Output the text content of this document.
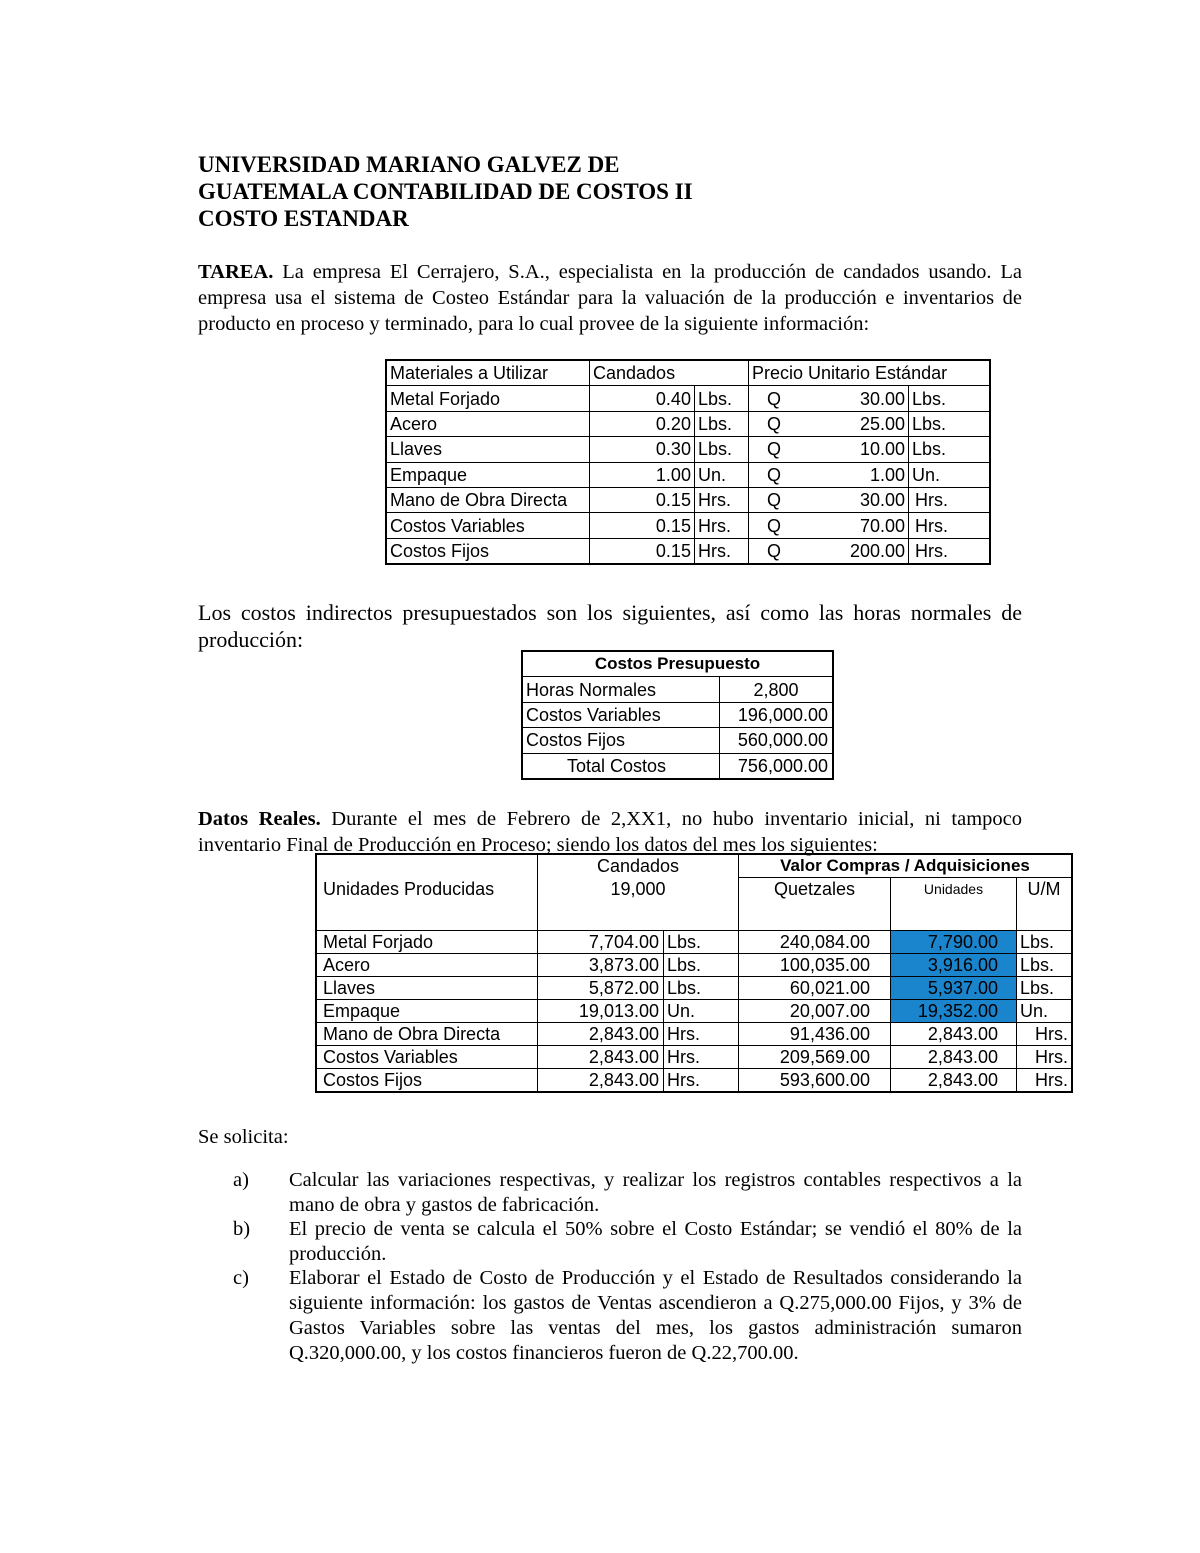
UNIVERSIDAD MARIANO GALVEZ DE
GUATEMALA CONTABILIDAD DE COSTOS II
COSTO ESTANDAR
TAREA. La empresa El Cerrajero, S.A., especialista en la producción de candados usando. La
empresa usa el sistema de Costeo Estándar para la valuación de la producción e inventarios de
producto en proceso y terminado, para lo cual provee de la siguiente información:
Materiales a Utilizar	Candados		Precio Unitario Estándar		
Metal Forjado	0.40	Lbs.	Q	30.00	Lbs.
Acero	0.20	Lbs.	Q	25.00	Lbs.
Llaves	0.30	Lbs.	Q	10.00	Lbs.
Empaque	1.00	Un.	Q	1.00	Un.
Mano de Obra Directa	0.15	Hrs.	Q	30.00	Hrs.
Costos Variables	0.15	Hrs.	Q	70.00	Hrs.
Costos Fijos	0.15	Hrs.	Q	200.00	Hrs.
Los costos indirectos presupuestados son los siguientes, así como las horas normales de
producción:
Costos Presupuesto	
Horas Normales	2,800
Costos Variables	196,000.00
Costos Fijos	560,000.00
Total Costos	756,000.00
Datos Reales. Durante el mes de Febrero de 2,XX1, no hubo inventario inicial, ni tampoco
inventario Final de Producción en Proceso; siendo los datos del mes los siguientes:
	Candados		Valor Compras / Adquisiciones		
Unidades Producidas	19,000		Quetzales	Unidades	U/M
Metal Forjado	7,704.00	Lbs.	240,084.00	7,790.00	Lbs.
Acero	3,873.00	Lbs.	100,035.00	3,916.00	Lbs.
Llaves	5,872.00	Lbs.	60,021.00	5,937.00	Lbs.
Empaque	19,013.00	Un.	20,007.00	19,352.00	Un.
Mano de Obra Directa	2,843.00	Hrs.	91,436.00	2,843.00	Hrs.
Costos Variables	2,843.00	Hrs.	209,569.00	2,843.00	Hrs.
Costos Fijos	2,843.00	Hrs.	593,600.00	2,843.00	Hrs.
Se solicita:
a) Calcular las variaciones respectivas, y realizar los registros contables respectivos a la mano de obra y gastos de fabricación.
b) El precio de venta se calcula el 50% sobre el Costo Estándar; se vendió el 80% de la producción.
c) Elaborar el Estado de Costo de Producción y el Estado de Resultados considerando la siguiente información: los gastos de Ventas ascendieron a Q.275,000.00 Fijos, y 3% de Gastos Variables sobre las ventas del mes, los gastos administración sumaron Q.320,000.00, y los costos financieros fueron de Q.22,700.00.
